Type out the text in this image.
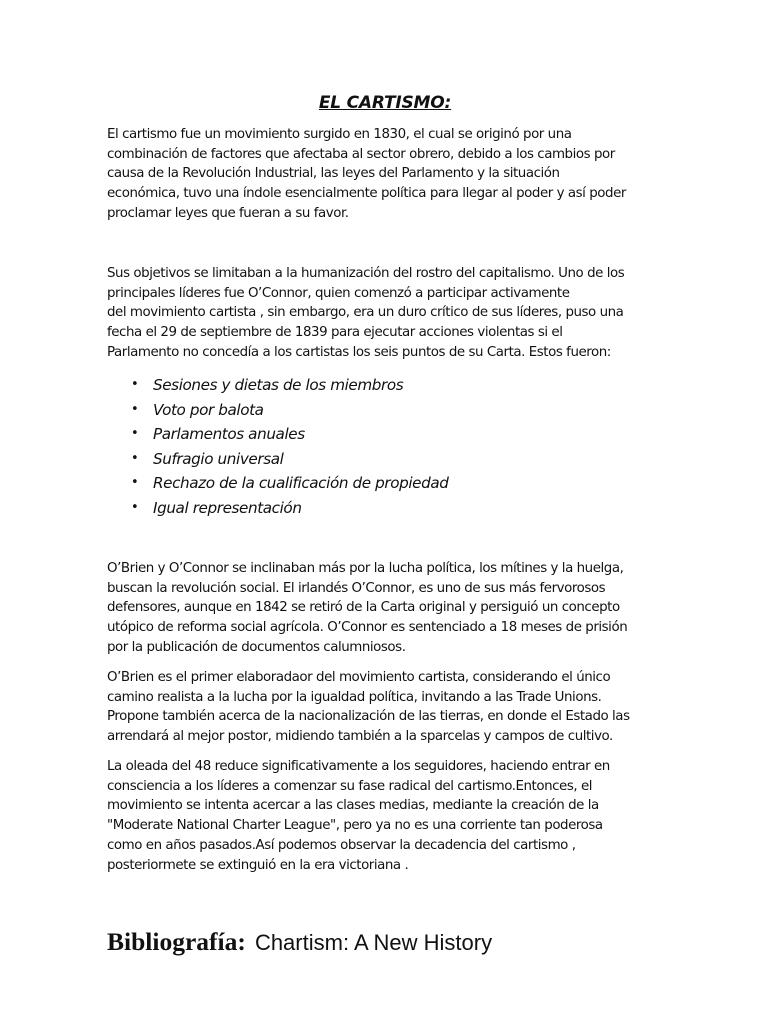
EL CARTISMO:

El cartismo fue un movimiento surgido en 1830, el cual se originó por una
combinación de factores que afectaba al sector obrero, debido a los cambios por
causa de la Revolución Industrial, las leyes del Parlamento y la situación
económica, tuvo una índole esencialmente política para llegar al poder y así poder
proclamar leyes que fueran a su favor.

Sus objetivos se limitaban a la humanización del rostro del capitalismo. Uno de los
principales líderes fue O’Connor, quien comenzó a participar activamente
del movimiento cartista , sin embargo, era un duro crítico de sus líderes, puso una
fecha el 29 de septiembre de 1839 para ejecutar acciones violentas si el
Parlamento no concedía a los cartistas los seis puntos de su Carta. Estos fueron:

• Sesiones y dietas de los miembros
• Voto por balota
• Parlamentos anuales
• Sufragio universal
• Rechazo de la cualificación de propiedad
• Igual representación

O’Brien y O’Connor se inclinaban más por la lucha política, los mítines y la huelga,
buscan la revolución social. El irlandés O’Connor, es uno de sus más fervorosos
defensores, aunque en 1842 se retiró de la Carta original y persiguió un concepto
utópico de reforma social agrícola. O’Connor es sentenciado a 18 meses de prisión
por la publicación de documentos calumniosos.

O’Brien es el primer elaboradaor del movimiento cartista, considerando el único
camino realista a la lucha por la igualdad política, invitando a las Trade Unions.
Propone también acerca de la nacionalización de las tierras, en donde el Estado las
arrendará al mejor postor, midiendo también a la sparcelas y campos de cultivo.

La oleada del 48 reduce significativamente a los seguidores, haciendo entrar en
consciencia a los líderes a comenzar su fase radical del cartismo.Entonces, el
movimiento se intenta acercar a las clases medias, mediante la creación de la
"Moderate National Charter League", pero ya no es una corriente tan poderosa
como en años pasados.Así podemos observar la decadencia del cartismo ,
posteriormete se extinguió en la era victoriana .

Bibliografía: Chartism: A New History
